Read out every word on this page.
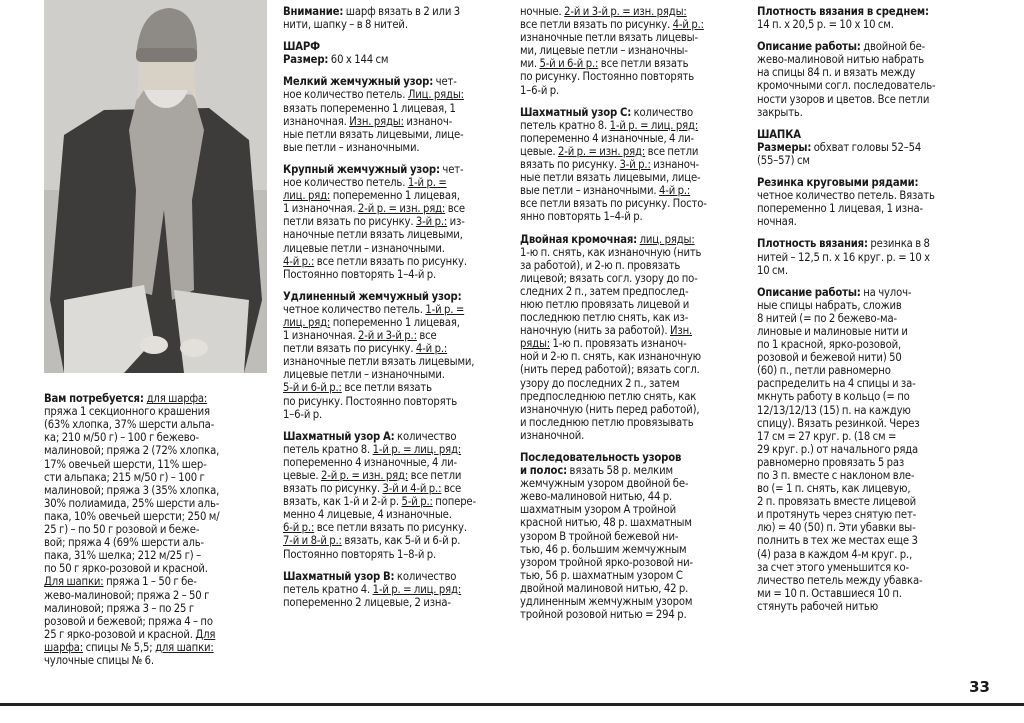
Вам потребуется: для шарфа:
пряжа 1 секционного крашения
(63% хлопка, 37% шерсти альпа-
ка; 210 м/50 г) – 100 г бежево-
малиновой; пряжа 2 (72% хлопка,
17% овечьей шерсти, 11% шер-
сти альпака; 215 м/50 г) – 100 г
малиновой; пряжа 3 (35% хлопка,
30% полиамида, 25% шерсти аль-
пака, 10% овечьей шерсти; 250 м/
25 г) – по 50 г розовой и беже-
вой; пряжа 4 (69% шерсти аль-
пака, 31% шелка; 212 м/25 г) –
по 50 г ярко-розовой и красной.
Для шапки: пряжа 1 – 50 г бе-
жево-малиновой; пряжа 2 – 50 г
малиновой; пряжа 3 – по 25 г
розовой и бежевой; пряжа 4 – по
25 г ярко-розовой и красной. Для
шарфа: спицы № 5,5; для шапки:
чулочные спицы № 6.

Внимание: шарф вязать в 2 или 3
нити, шапку – в 8 нитей.
ШАРФ
Размер: 60 х 144 см
Мелкий жемчужный узор: чет-
ное количество петель. Лиц. ряды:
вязать попеременно 1 лицевая, 1
изнаночная. Изн. ряды: изнаноч-
ные петли вязать лицевыми, лице-
вые петли – изнаночными.
Крупный жемчужный узор: чет-
ное количество петель. 1-й р. =
лиц. ряд: попеременно 1 лицевая,
1 изнаночная. 2-й р. = изн. ряд: все
петли вязать по рисунку. 3-й р.: из-
наночные петли вязать лицевыми,
лицевые петли – изнаночными.
4-й р.: все петли вязать по рисунку.
Постоянно повторять 1–4-й р.
Удлиненный жемчужный узор:
четное количество петель. 1-й р. =
лиц. ряд: попеременно 1 лицевая,
1 изнаночная. 2-й и 3-й р.: все
петли вязать по рисунку. 4-й р.:
изнаночные петли вязать лицевыми,
лицевые петли – изнаночными.
5-й и 6-й р.: все петли вязать
по рисунку. Постоянно повторять
1–6-й р.
Шахматный узор А: количество
петель кратно 8. 1-й р. = лиц. ряд:
попеременно 4 изнаночные, 4 ли-
цевые. 2-й р. = изн. ряд: все петли
вязать по рисунку. 3-й и 4-й р.: все
вязать, как 1-й и 2-й р. 5-й р.: попере-
менно 4 лицевые, 4 изнаночные.
6-й р.: все петли вязать по рисунку.
7-й и 8-й р.: вязать, как 5-й и 6-й р.
Постоянно повторять 1–8-й р.
Шахматный узор В: количество
петель кратно 4. 1-й р. = лиц. ряд:
попеременно 2 лицевые, 2 изна-
ночные. 2-й и 3-й р. = изн. ряды:
все петли вязать по рисунку. 4-й р.:
изнаночные петли вязать лицевы-
ми, лицевые петли – изнаночны-
ми. 5-й и 6-й р.: все петли вязать
по рисунку. Постоянно повторять
1–6-й р.
Шахматный узор С: количество
петель кратно 8. 1-й р. = лиц. ряд:
попеременно 4 изнаночные, 4 ли-
цевые. 2-й р. = изн. ряд: все петли
вязать по рисунку. 3-й р.: изнаноч-
ные петли вязать лицевыми, лице-
вые петли – изнаночными. 4-й р.:
все петли вязать по рисунку. Посто-
янно повторять 1–4-й р.
Двойная кромочная: лиц. ряды:
1-ю п. снять, как изнаночную (нить
за работой), и 2-ю п. провязать
лицевой; вязать согл. узору до по-
следних 2 п., затем предпослед-
нюю петлю провязать лицевой и
последнюю петлю снять, как из-
наночную (нить за работой). Изн.
ряды: 1-ю п. провязать изнаноч-
ной и 2-ю п. снять, как изнаночную
(нить перед работой); вязать согл.
узору до последних 2 п., затем
предпоследнюю петлю снять, как
изнаночную (нить перед работой),
и последнюю петлю провязывать
изнаночной.
Последовательность узоров
и полос: вязать 58 р. мелким
жемчужным узором двойной бе-
жево-малиновой нитью, 44 р.
шахматным узором А тройной
красной нитью, 48 р. шахматным
узором В тройной бежевой ни-
тью, 46 р. большим жемчужным
узором тройной ярко-розовой ни-
тью, 56 р. шахматным узором С
двойной малиновой нитью, 42 р.
удлиненным жемчужным узором
тройной розовой нитью = 294 р.
Плотность вязания в среднем:
14 п. х 20,5 р. = 10 х 10 см.
Описание работы: двойной бе-
жево-малиновой нитью набрать
на спицы 84 п. и вязать между
кромочными согл. последователь-
ности узоров и цветов. Все петли
закрыть.
ШАПКА
Размеры: обхват головы 52–54
(55–57) см
Резинка круговыми рядами:
четное количество петель. Вязать
попеременно 1 лицевая, 1 изна-
ночная.
Плотность вязания: резинка в 8
нитей – 12,5 п. х 16 круг. р. = 10 х
10 см.
Описание работы: на чулоч-
ные спицы набрать, сложив
8 нитей (= по 2 бежево-ма-
линовые и малиновые нити и
по 1 красной, ярко-розовой,
розовой и бежевой нити) 50
(60) п., петли равномерно
распределить на 4 спицы и за-
мкнуть работу в кольцо (= по
12/13/12/13 (15) п. на каждую
спицу). Вязать резинкой. Через
17 см = 27 круг. р. (18 см =
29 круг. р.) от начального ряда
равномерно провязать 5 раз
по 3 п. вместе с наклоном вле-
во (= 1 п. снять, как лицевую,
2 п. провязать вместе лицевой
и протянуть через снятую пет-
лю) = 40 (50) п. Эти убавки вы-
полнить в тех же местах еще 3
(4) раза в каждом 4-м круг. р.,
за счет этого уменьшится ко-
личество петель между убавка-
ми = 10 п. Оставшиеся 10 п.
стянуть рабочей нитью
33
